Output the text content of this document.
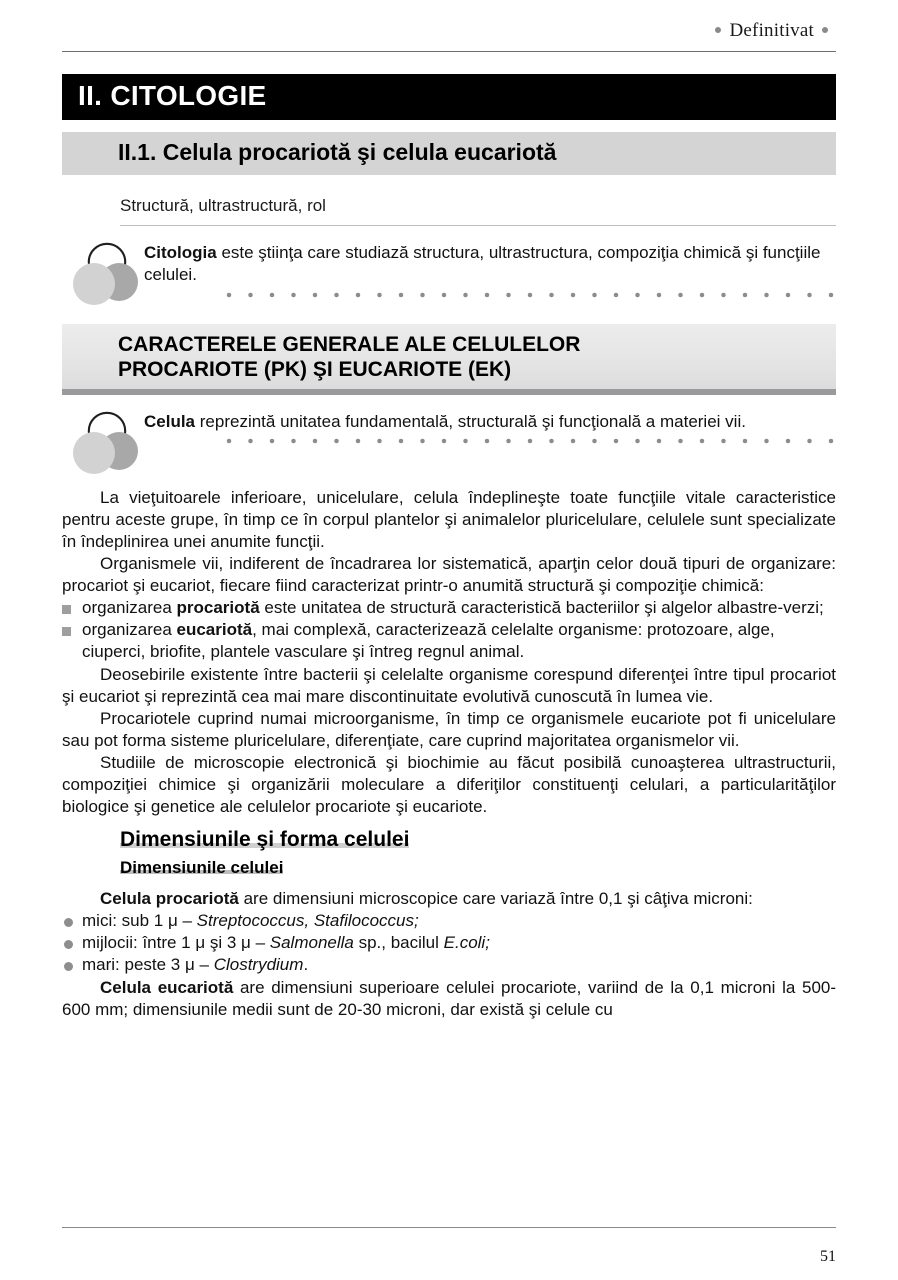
Definitivat
II. CITOLOGIE
II.1. Celula procariotă şi celula eucariotă
Structură, ultrastructură, rol
Citologia este ştiinţa care studiază structura, ultrastructura, compoziţia chimică şi funcţiile celulei.
CARACTERELE GENERALE ALE CELULELOR
PROCARIOTE (PK) ŞI EUCARIOTE (EK)
Celula reprezintă unitatea fundamentală, structurală şi funcţională a materiei vii.

La vieţuitoarele inferioare, unicelulare, celula îndeplineşte toate funcţiile vitale caracteristice pentru aceste grupe, în timp ce în corpul plantelor şi animalelor pluricelulare, celulele sunt specializate în îndeplinirea unei anumite funcţii.

Organismele vii, indiferent de încadrarea lor sistematică, aparţin celor două tipuri de organizare: procariot şi eucariot, fiecare fiind caracterizat printr-o anumită structură şi compoziţie chimică:

organizarea procariotă este unitatea de structură caracteristică bacteriilor şi algelor albastre-verzi;
organizarea eucariotă, mai complexă, caracterizează celelalte organisme: protozoare, alge, ciuperci, briofite, plantele vasculare şi întreg regnul animal.

Deosebirile existente între bacterii şi celelalte organisme corespund diferenţei între tipul procariot şi eucariot şi reprezintă cea mai mare discontinuitate evolutivă cunoscută în lumea vie.

Procariotele cuprind numai microorganisme, în timp ce organismele eucariote pot fi unicelulare sau pot forma sisteme pluricelulare, diferenţiate, care cuprind majoritatea organismelor vii.

Studiile de microscopie electronică şi biochimie au făcut posibilă cunoaşterea ultrastructurii, compoziţiei chimice şi organizării moleculare a diferiţilor constituenţi celulari, a particularităţilor biologice şi genetice ale celulelor procariote şi eucariote.

Dimensiunile şi forma celulei
Dimensiunile celulei

Celula procariotă are dimensiuni microscopice care variază între 0,1 şi câţiva microni:

mici: sub 1 μ – Streptococcus, Stafilococcus;
mijlocii: între 1 μ şi 3 μ – Salmonella sp., bacilul E.coli;
mari: peste 3 μ – Clostrydium.

Celula eucariotă are dimensiuni superioare celulei procariote, variind de la 0,1 microni la 500-600 mm; dimensiunile medii sunt de 20-30 microni, dar există şi celule cu

51
